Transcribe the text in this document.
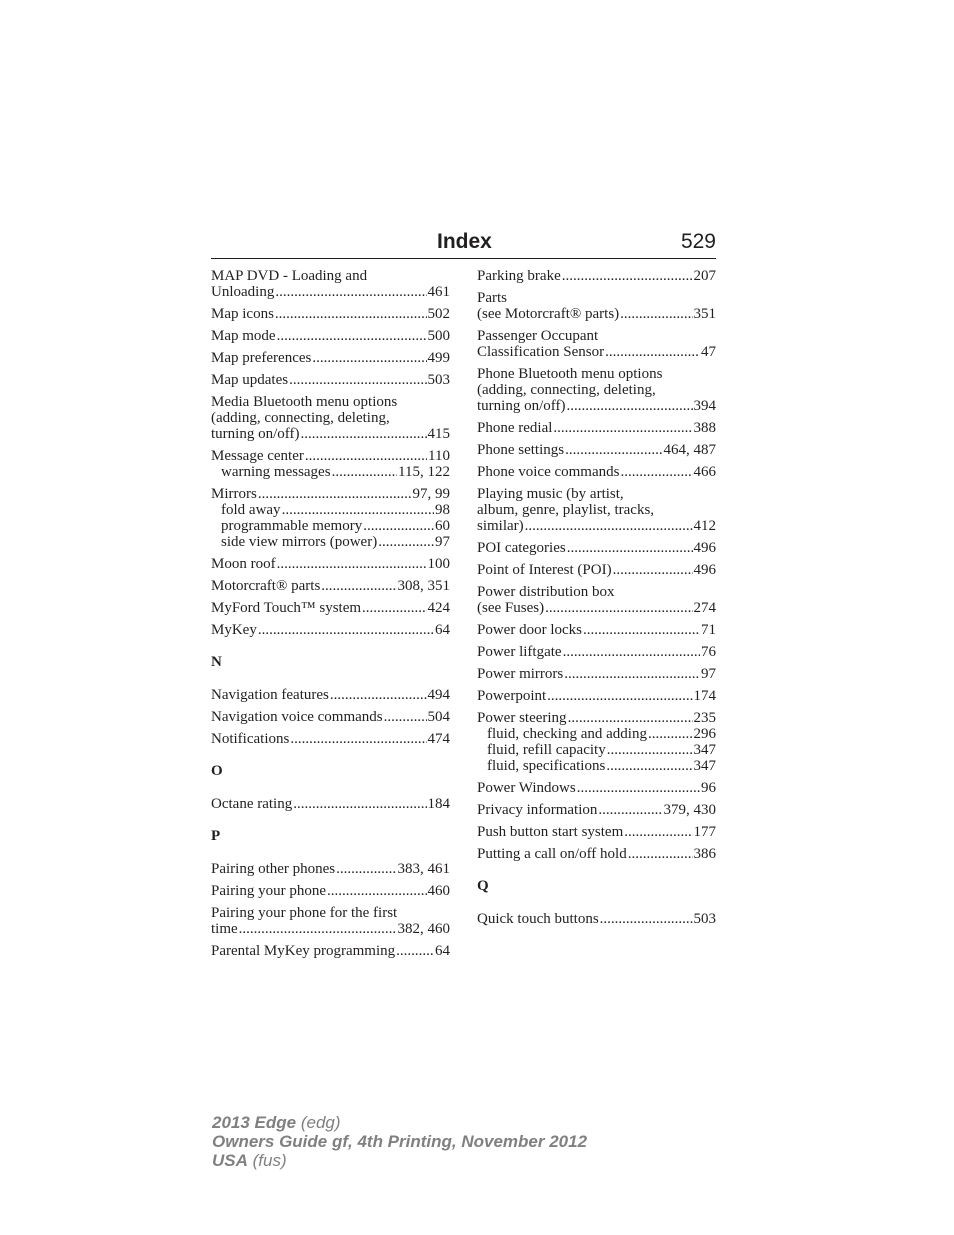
Index	529
MAP DVD - Loading and
Unloading .....	461
Map icons .....	502
Map mode .....	500
Map preferences .....	499
Map updates .....	503
Media Bluetooth menu options
(adding, connecting, deleting,
turning on/off) .....	415
Message center .....	110
warning messages .....	115, 122
Mirrors .....	97, 99
fold away .....	98
programmable memory .....	60
side view mirrors (power) .....	97
Moon roof .....	100
Motorcraft® parts .....	308, 351
MyFord Touch™ system .....	424
MyKey .....	64
N
Navigation features .....	494
Navigation voice commands .....	504
Notifications .....	474
O
Octane rating .....	184
P
Pairing other phones .....	383, 461
Pairing your phone .....	460
Pairing your phone for the first
time .....	382, 460
Parental MyKey programming .....	64
Parking brake .....	207
Parts
(see Motorcraft® parts) .....	351
Passenger Occupant
Classification Sensor .....	47
Phone Bluetooth menu options
(adding, connecting, deleting,
turning on/off) .....	394
Phone redial .....	388
Phone settings .....	464, 487
Phone voice commands .....	466
Playing music (by artist,
album, genre, playlist, tracks,
similar) .....	412
POI categories .....	496
Point of Interest (POI) .....	496
Power distribution box
(see Fuses) .....	274
Power door locks .....	71
Power liftgate .....	76
Power mirrors .....	97
Powerpoint .....	174
Power steering .....	235
fluid, checking and adding .....	296
fluid, refill capacity .....	347
fluid, specifications .....	347
Power Windows .....	96
Privacy information .....	379, 430
Push button start system .....	177
Putting a call on/off hold .....	386
Q
Quick touch buttons .....	503
2013 Edge (edg)
Owners Guide gf, 4th Printing, November 2012
USA (fus)
